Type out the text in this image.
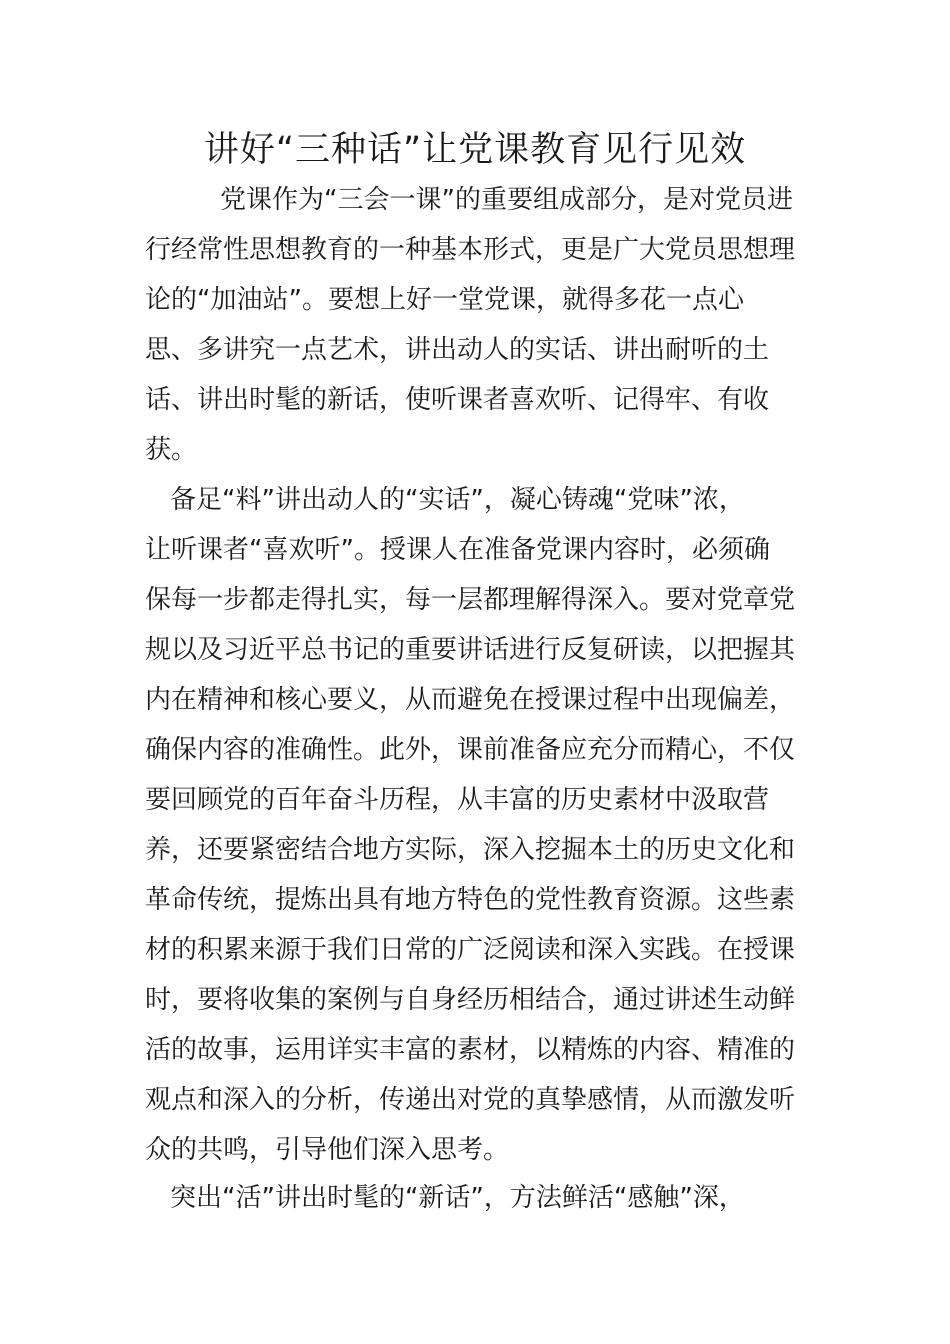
讲好“三种话”让党课教育见行见效
党课作为“三会一课”的重要组成部分，是对党员进
行经常性思想教育的一种基本形式，更是广大党员思想理
论的“加油站”。要想上好一堂党课，就得多花一点心
思、多讲究一点艺术，讲出动人的实话、讲出耐听的土
话、讲出时髦的新话，使听课者喜欢听、记得牢、有收
获。
备足“料”讲出动人的“实话”，凝心铸魂“党味”浓，
让听课者“喜欢听”。授课人在准备党课内容时，必须确
保每一步都走得扎实，每一层都理解得深入。要对党章党
规以及习近平总书记的重要讲话进行反复研读，以把握其
内在精神和核心要义，从而避免在授课过程中出现偏差，
确保内容的准确性。此外，课前准备应充分而精心，不仅
要回顾党的百年奋斗历程，从丰富的历史素材中汲取营
养，还要紧密结合地方实际，深入挖掘本土的历史文化和
革命传统，提炼出具有地方特色的党性教育资源。这些素
材的积累来源于我们日常的广泛阅读和深入实践。在授课
时，要将收集的案例与自身经历相结合，通过讲述生动鲜
活的故事，运用详实丰富的素材，以精炼的内容、精准的
观点和深入的分析，传递出对党的真挚感情，从而激发听
众的共鸣，引导他们深入思考。
突出“活”讲出时髦的“新话”，方法鲜活“感触”深，
